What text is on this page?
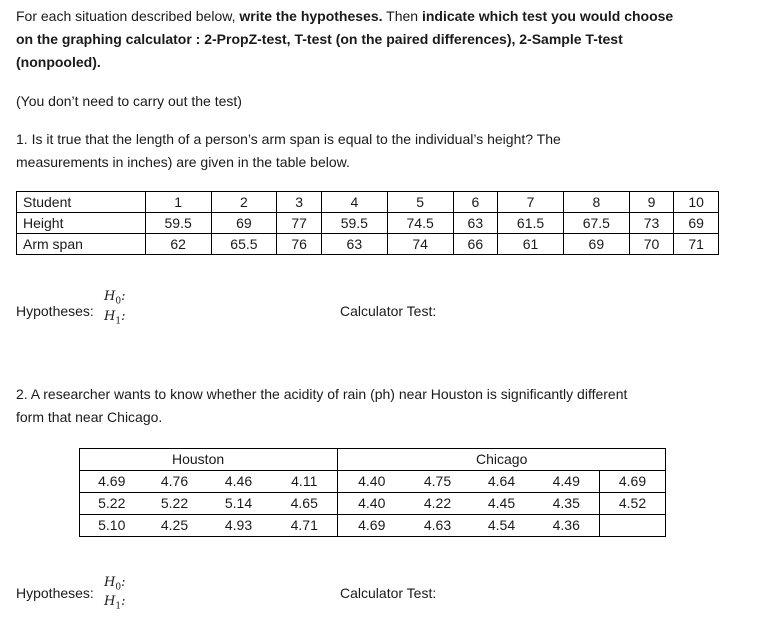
For each situation described below, write the hypotheses. Then indicate which test you would choose
on the graphing calculator : 2-PropZ-test, T-test (on the paired differences), 2-Sample T-test
(nonpooled).
(You don’t need to carry out the test)
1. Is it true that the length of a person’s arm span is equal to the individual’s height? The
measurements in inches) are given in the table below.
Student	1	2	3	4	5	6	7	8	9	10
Height	59.5	69	77	59.5	74.5	63	61.5	67.5	73	69
Arm span	62	65.5	76	63	74	66	61	69	70	71
Hypotheses:
$H_0$:
$H_1$:	Calculator Test:
2. A researcher wants to know whether the acidity of rain (ph) near Houston is significantly different
form that near Chicago.
Houston				Chicago				
4.69	4.76	4.46	4.11	4.40	4.75	4.64	4.49	4.69
5.22	5.22	5.14	4.65	4.40	4.22	4.45	4.35	4.52
5.10	4.25	4.93	4.71	4.69	4.63	4.54	4.36	
Hypotheses:
$H_0$:
$H_1$:
Calculator Test:
